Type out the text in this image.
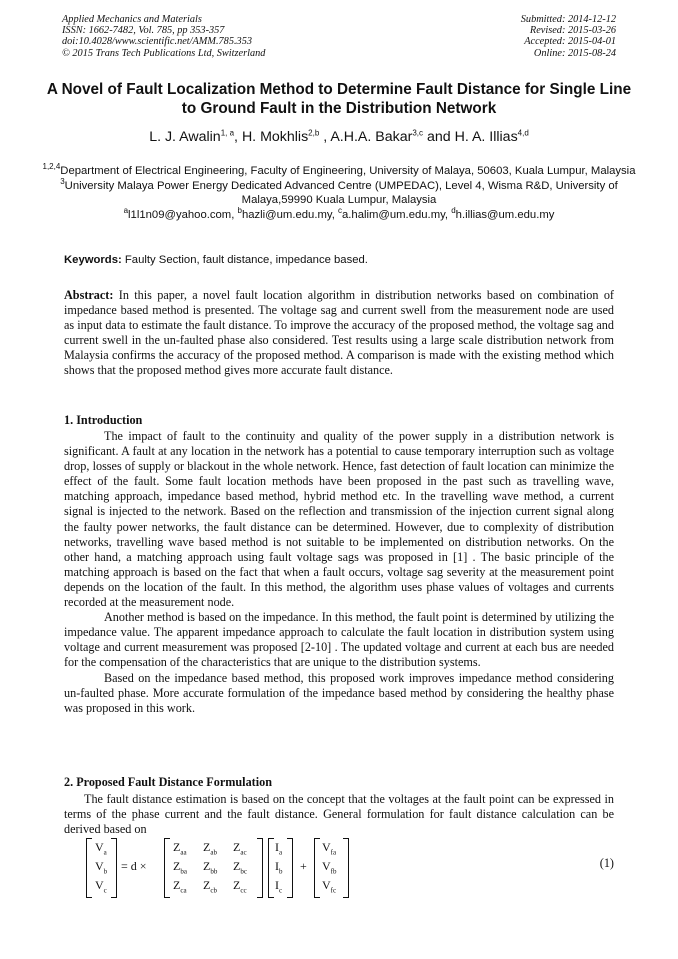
Applied Mechanics and Materials
ISSN: 1662-7482, Vol. 785, pp 353-357
doi:10.4028/www.scientific.net/AMM.785.353
© 2015 Trans Tech Publications Ltd, Switzerland
Submitted: 2014-12-12
Revised: 2015-03-26
Accepted: 2015-04-01
Online: 2015-08-24
A Novel of Fault Localization Method to Determine Fault Distance for Single Line to Ground Fault in the Distribution Network
L. J. Awalin$^{1, a}$, H. Mokhlis$^{2,b}$ , A.H.A. Bakar$^{3,c}$ and H. A. Illias$^{4,d}$
$^{1,2,4}$Department of Electrical Engineering, Faculty of Engineering, University of Malaya, 50603, Kuala Lumpur, Malaysia
$^3$University Malaya Power Energy Dedicated Advanced Centre (UMPEDAC), Level 4, Wisma R&D, University of Malaya,59990 Kuala Lumpur, Malaysia
$^a$l1l1n09@yahoo.com, $^b$hazli@um.edu.my, $^c$a.halim@um.edu.my, $^d$h.illias@um.edu.my
Keywords: Faulty Section, fault distance, impedance based.
Abstract: In this paper, a novel fault location algorithm in distribution networks based on combination of impedance based method is presented. The voltage sag and current swell from the measurement node are used as input data to estimate the fault distance. To improve the accuracy of the proposed method, the voltage sag and current swell in the un-faulted phase also considered. Test results using a large scale distribution network from Malaysia confirms the accuracy of the proposed method. A comparison is made with the existing method which shows that the proposed method gives more accurate fault distance.
1. Introduction

The impact of fault to the continuity and quality of the power supply in a distribution network is significant. A fault at any location in the network has a potential to cause temporary interruption such as voltage drop, losses of supply or blackout in the whole network. Hence, fast detection of fault location can minimize the effect of the fault. Some fault location methods have been proposed in the past such as travelling wave, matching approach, impedance based method, hybrid method etc. In the travelling wave method, a current signal is injected to the network. Based on the reflection and transmission of the injection current signal along the faulty power networks, the fault distance can be determined. However, due to complexity of distribution networks, travelling wave based method is not suitable to be implemented on distribution networks. On the other hand, a matching approach using fault voltage sags was proposed in [1] . The basic principle of the matching approach is based on the fact that when a fault occurs, voltage sag severity at the measurement point depends on the location of the fault. In this method, the algorithm uses phase values of voltages and currents recorded at the measurement node.

Another method is based on the impedance. In this method, the fault point is determined by utilizing the impedance value. The apparent impedance approach to calculate the fault location in distribution system using voltage and current measurement was proposed [2-10] . The updated voltage and current at each bus are needed for the compensation of the characteristics that are unique to the distribution systems.

Based on the impedance based method, this proposed work improves impedance method considering un-faulted phase. More accurate formulation of the impedance based method by considering the healthy phase was proposed in this work.

2. Proposed Fault Distance Formulation

The fault distance estimation is based on the concept that the voltages at the fault point can be expressed in terms of the phase current and the fault distance. General formulation for fault distance calculation can be derived based on

$V_a$
$V_b$
$V_c$
= d ×
$Z_{aa}$ $Z_{ab}$ $Z_{ac}$
$Z_{ba}$ $Z_{bb}$ $Z_{bc}$
$Z_{ca}$ $Z_{cb}$ $Z_{cc}$
$I_a$
$I_b$
$I_c$
+
$V_{fa}$
$V_{fb}$
$V_{fc}$
(1)
